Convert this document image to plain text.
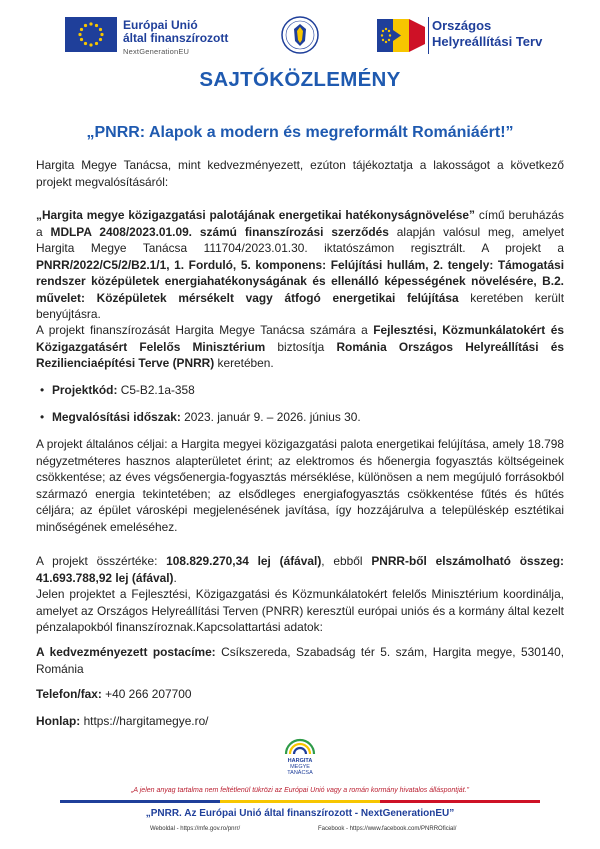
Európai Unió
által finanszírozott
NextGenerationEU
Országos
Helyreállítási Terv
SAJTÓKÖZLEMÉNY
„PNRR: Alapok a modern és megreformált Romániáért!”
Hargita Megye Tanácsa, mint kedvezményezett, ezúton tájékoztatja a lakosságot a következő projekt megvalósításáról:
„Hargita megye közigazgatási palotájának energetikai hatékonyságnövelése” című beruházás a MDLPA 2408/2023.01.09. számú finanszírozási szerződés alapján valósul meg, amelyet Hargita Megye Tanácsa 111704/2023.01.30. iktatószámon regisztrált. A projekt a PNRR/2022/C5/2/B2.1/1, 1. Forduló, 5. komponens: Felújítási hullám, 2. tengely: Támogatási rendszer középületek energiahatékonyságának és ellenálló képességének növelésére, B.2. művelet: Középületek mérsékelt vagy átfogó energetikai felújítása keretében került benyújtásra.
A projekt finanszírozását Hargita Megye Tanácsa számára a Fejlesztési, Közmunkálatokért és Közigazgatásért Felelős Minisztérium biztosítja Románia Országos Helyreállítási és Rezilienciaépítési Terve (PNRR) keretében.
• Projektkód: C5-B2.1a-358
• Megvalósítási időszak: 2023. január 9. – 2026. június 30.
A projekt általános céljai: a Hargita megyei közigazgatási palota energetikai felújítása, amely 18.798 négyzetméteres hasznos alapterületet érint; az elektromos és hőenergia fogyasztás költségeinek csökkentése; az éves végsőenergia-fogyasztás mérséklése, különösen a nem megújuló forrásokból származó energia tekintetében; az elsődleges energiafogyasztás csökkentése fűtés és hűtés céljára; az épület városképi megjelenésének javítása, így hozzájárulva a településkép esztétikai minőségének emeléséhez.
A projekt összértéke: 108.829.270,34 lej (áfával), ebből PNRR-ből elszámolható összeg: 41.693.788,92 lej (áfával).
Jelen projektet a Fejlesztési, Közigazgatási és Közmunkálatokért felelős Minisztérium koordinálja, amelyet az Országos Helyreállítási Terven (PNRR) keresztül európai uniós és a kormány által kezelt pénzalapokból finanszíroznak.Kapcsolattartási adatok:
A kedvezményezett postacíme: Csíkszereda, Szabadság tér 5. szám, Hargita megye, 530140, Románia
Telefon/fax: +40 266 207700
Honlap: https://hargitamegye.ro/
HARGITA
MEGYE
TANÁCSA
„A jelen anyag tartalma nem feltétlenül tükrözi az Európai Unió vagy a román kormány hivatalos álláspontját.”
„PNRR. Az Európai Unió által finanszírozott - NextGenerationEU”
Weboldal - https://mfe.gov.ro/pnrr/	Facebook - https://www.facebook.com/PNRROficial/
